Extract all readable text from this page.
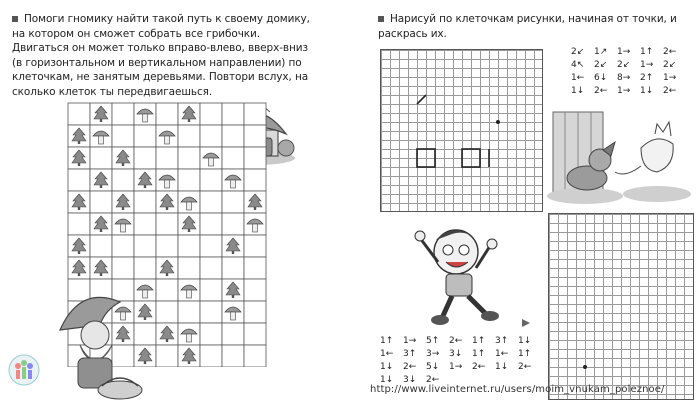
Помоги гномику найти такой путь к своему домику,

на котором он сможет собрать все грибочки.

Двигаться он может только вправо-влево, вверх-вниз

(в горизонтальном и вертикальном направлении) по

клеточкам, не занятым деревьями. Повтори вслух, на

сколько клеток ты передвигаешься.

Нарисуй по клеточкам рисунки, начиная от точки, и

раскрась их.

2↙ 1↗ 1→ 1↑ 2←
4↖ 2↙ 2↙ 1→ 2↙
1← 6↓ 8→ 2↑ 1→
1↓ 2← 1→ 1↓ 2←
1↑ 1→ 5↑ 2← 1↑ 3↑ 1↓
1← 3↑ 3→ 3↓ 1↑ 1← 1↑
1↓ 2← 5↓ 1→ 2← 1↓ 2←
1↓ 3↓ 2←
http://www.liveinternet.ru/users/moim_vnukam_poleznoe/
